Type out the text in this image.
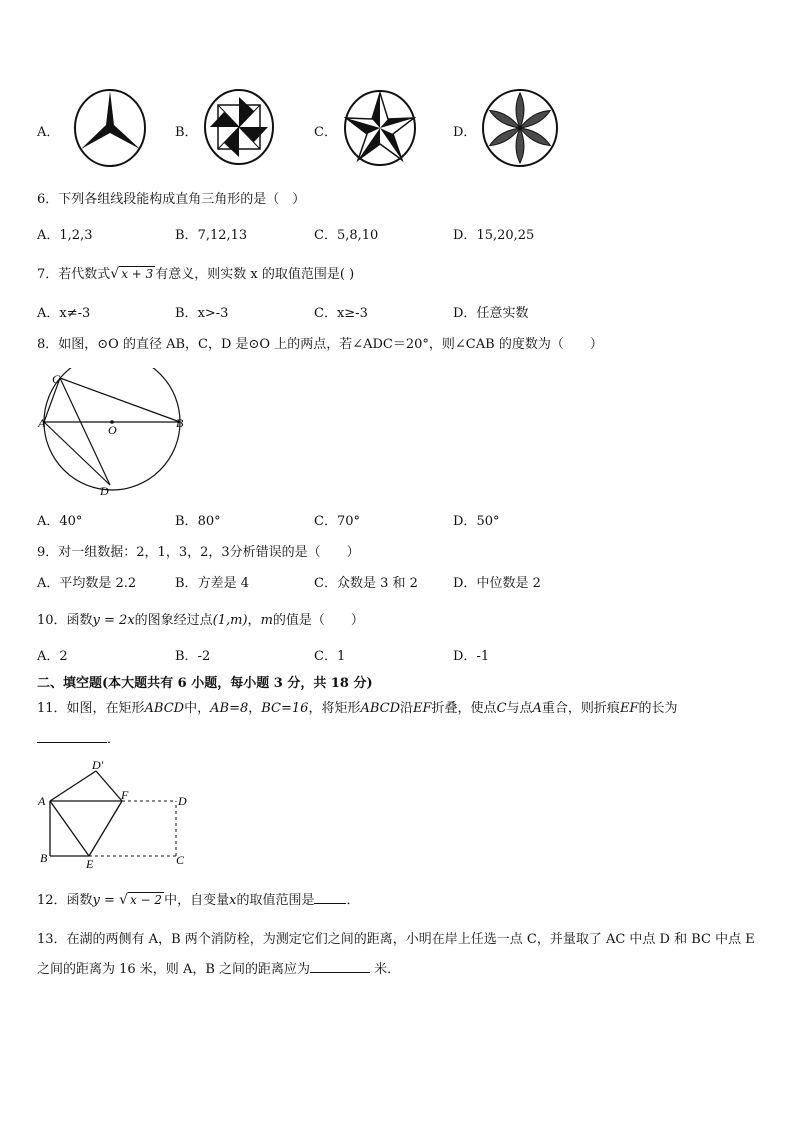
A．	B．	C．	D．
6．下列各组线段能构成直角三角形的是（　）
A．1,2,3	B．7,12,13	C．5,8,10	D．15,20,25
7．若代数式√ x + 3 有意义，则实数 x 的取值范围是( )
A．x≠-3	B．x>-3	C．x≥-3	D．任意实数
8．如图，⊙O 的直径 AB，C，D 是⊙O 上的两点，若∠ADC＝20°，则∠CAB 的度数为（　　）
C
A	B
O
D
A．40°	B．80°	C．70°	D．50°
9．对一组数据：2，1，3，2，3分析错误的是（　　）
A．平均数是 2.2	B．方差是 4	C．众数是 3 和 2	D．中位数是 2
10．函数y = 2x的图象经过点(1,m)，m的值是（　　）
A．2	B．-2	C．1	D．-1
二、填空题(本大题共有 6 小题，每小题 3 分，共 18 分)
11．如图，在矩形ABCD中，AB=8，BC=16，将矩形ABCD沿EF折叠，使点C与点A重合，则折痕EF的长为
．
A
D′
F	D
B	E	C
12．函数y = √ x − 2 中，自变量x的取值范围是 ．
13．在湖的两侧有 A，B 两个消防栓，为测定它们之间的距离，小明在岸上任选一点 C，并量取了 AC 中点 D 和 BC 中点 E
之间的距离为 16 米，则 A，B 之间的距离应为	米．
